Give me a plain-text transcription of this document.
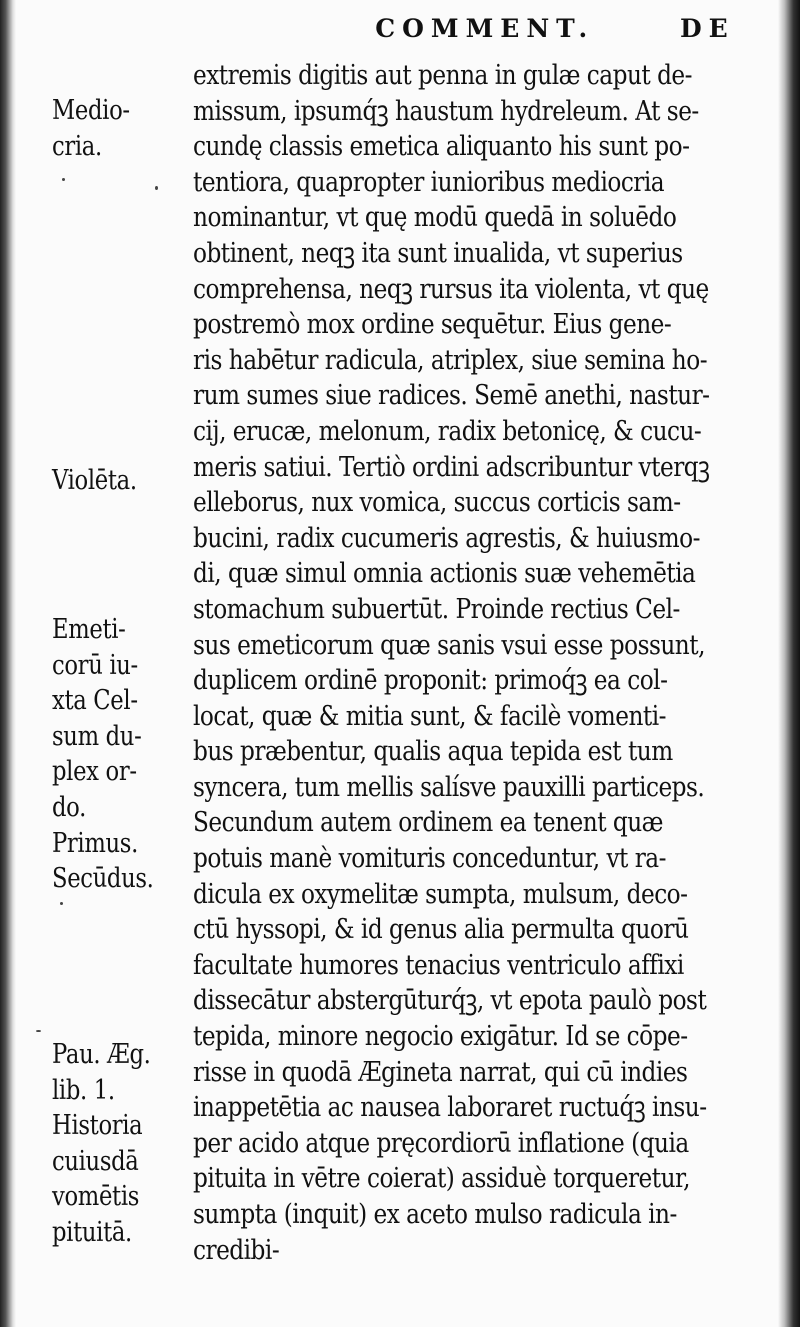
COMMENT.	DE
Medio-
cria.
Violēta.
Emeti-
corū iu-
xta Cel-
sum du-
plex or-
do.
Primus.
Secūdus.
Pau. Æg.
lib. 1.
Historia
cuiusdā
vomētis
pituitā.
extremis digitis aut penna in gulæ caput de-
missum, ipsumq́ꝫ haustum hydreleum. At se-
cundę classis emetica aliquanto his sunt po-
tentiora, quapropter iunioribus mediocria
nominantur, vt quę modū quedā in soluēdo
obtinent, neqꝫ ita sunt inualida, vt superius
comprehensa, neqꝫ rursus ita violenta, vt quę
postremò mox ordine sequētur. Eius gene-
ris habētur radicula, atriplex, siue semina ho-
rum sumes siue radices. Semē anethi, nastur-
cij, erucæ, melonum, radix betonicę, & cucu-
meris satiui. Tertiò ordini adscribuntur vterqꝫ
elleborus, nux vomica, succus corticis sam-
bucini, radix cucumeris agrestis, & huiusmo-
di, quæ simul omnia actionis suæ vehemētia
stomachum subuertūt. Proinde rectius Cel-
sus emeticorum quæ sanis vsui esse possunt,
duplicem ordinē proponit: primoq́ꝫ ea col-
locat, quæ & mitia sunt, & facilè vomenti-
bus præbentur, qualis aqua tepida est tum
syncera, tum mellis salísve pauxilli particeps.
Secundum autem ordinem ea tenent quæ
potuis manè vomituris conceduntur, vt ra-
dicula ex oxymelitæ sumpta, mulsum, deco-
ctū hyssopi, & id genus alia permulta quorū
facultate humores tenacius ventriculo affixi
dissecātur abstergūturq́ꝫ, vt epota paulò post
tepida, minore negocio exigātur. Id se cōpe-
risse in quodā Ægineta narrat, qui cū indies
inappetētia ac nausea laboraret ructuq́ꝫ insu-
per acido atque pręcordiorū inflatione (quia
pituita in vētre coierat) assiduè torqueretur,
sumpta (inquit) ex aceto mulso radicula in-
credibi-
